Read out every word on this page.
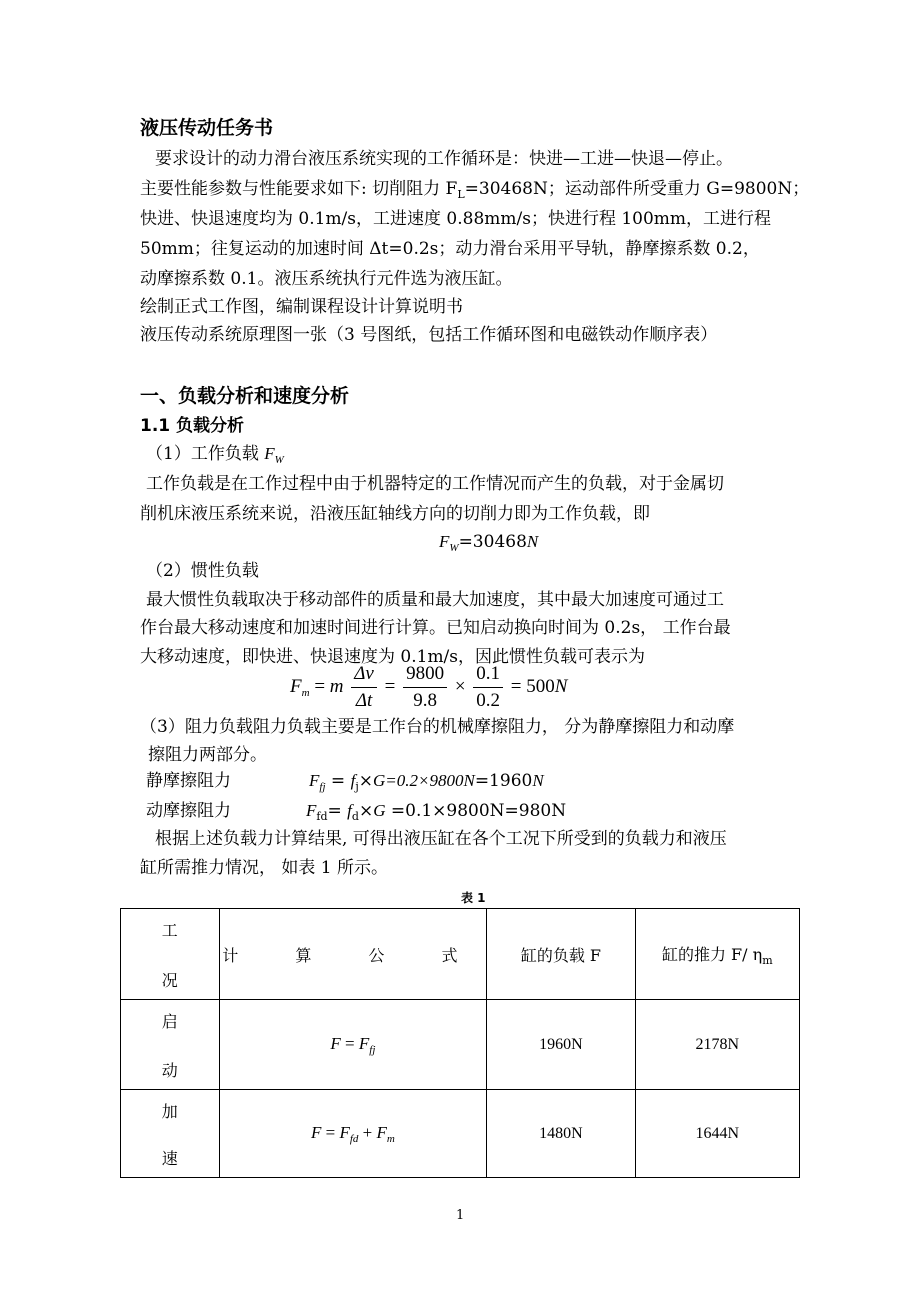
液压传动任务书
要求设计的动力滑台液压系统实现的工作循环是：快进—工进—快退—停止。
主要性能参数与性能要求如下: 切削阻力 $F_L=30468N$；运动部件所受重力 G=9800N；
快进、快退速度均为 0.1m/s，工进速度 0.88mm/s；快进行程 100mm，工进行程
50mm；往复运动的加速时间 Δt=0.2s；动力滑台采用平导轨，静摩擦系数 0.2，
动摩擦系数 0.1。液压系统执行元件选为液压缸。
绘制正式工作图，编制课程设计计算说明书
液压传动系统原理图一张（3 号图纸，包括工作循环图和电磁铁动作顺序表）
一、负载分析和速度分析
1.1 负载分析
（1）工作负载 $F_W$
工作负载是在工作过程中由于机器特定的工作情况而产生的负载，对于金属切
削机床液压系统来说，沿液压缸轴线方向的切削力即为工作负载，即
$F_W=30468N$
（2）惯性负载
最大惯性负载取决于移动部件的质量和最大加速度，其中最大加速度可通过工
作台最大移动速度和加速时间进行计算。已知启动换向时间为 0.2s， 工作台最
大移动速度，即快进、快退速度为 0.1m/s，因此惯性负载可表示为
$F_m = m \frac{\Delta v}{\Delta t} = \frac{9800}{9.8} \times \frac{0.1}{0.2} = 500N$
（3）阻力负载阻力负载主要是工作台的机械摩擦阻力， 分为静摩擦阻力和动摩
擦阻力两部分。
静摩擦阻力	$F_{fj} = f_j\times G=0.2\times 9800N=1960N$
动摩擦阻力	$F_{fd}= f_d\times G =0.1\times 9800N=980N$
根据上述负载力计算结果, 可得出液压缸在各个工况下所受到的负载力和液压
缸所需推力情况， 如表 1 所示。
表 1
工
况	计 算 公 式	缸的负载 F	缸的推力 F/ $\eta_m$

启
动	$F = F_{fj}$	1960N	2178N

加
速	$F = F_{fd} + F_m$	1480N	1644N
1
